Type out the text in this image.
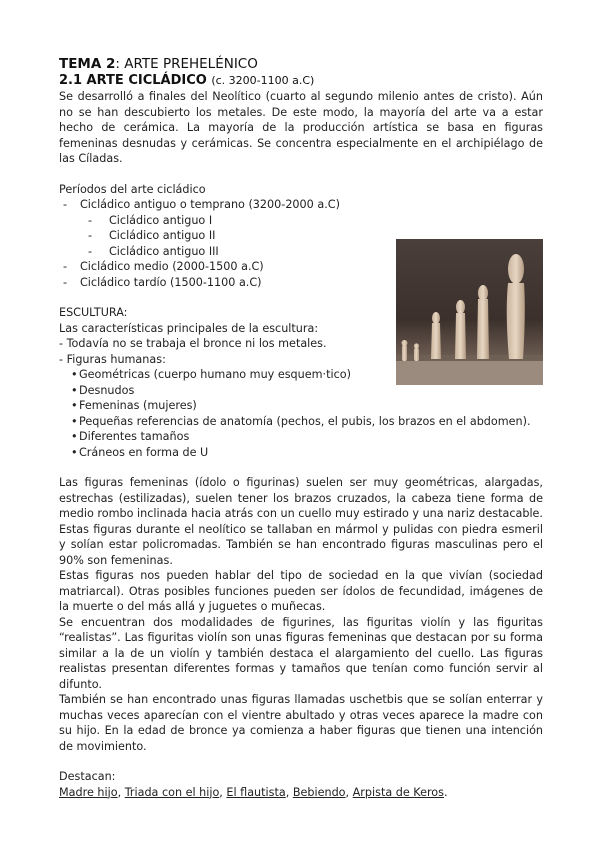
TEMA 2: ARTE PREHELÉNICO
2.1 ARTE CICLÁDICO (c. 3200-1100 a.C)

Se desarrolló a finales del Neolítico (cuarto al segundo milenio antes de cristo). Aún no se han descubierto los metales. De este modo, la mayoría del arte va a estar hecho de cerámica. La mayoría de la producción artística se basa en figuras femeninas desnudas y cerámicas. Se concentra especialmente en el archipiélago de las Cíladas.

Períodos del arte cicládico
- Cicládico antiguo o temprano (3200-2000 a.C)
- Cicládico antiguo I
- Cicládico antiguo II
- Cicládico antiguo III
- Cicládico medio (2000-1500 a.C)
- Cicládico tardío (1500-1100 a.C)
ESCULTURA:
Las características principales de la escultura:
- Todavía no se trabaja el bronce ni los metales.
- Figuras humanas:
•Geométricas (cuerpo humano muy esquem·tico)
•Desnudos
•Femeninas (mujeres)
•Pequeñas referencias de anatomía (pechos, el pubis, los brazos en el abdomen).
•Diferentes tamaños
•Cráneos en forma de U

Las figuras femeninas (ídolo o figurinas) suelen ser muy geométricas, alargadas, estrechas (estilizadas), suelen tener los brazos cruzados, la cabeza tiene forma de medio rombo inclinada hacia atrás con un cuello muy estirado y una nariz destacable. Estas figuras durante el neolítico se tallaban en mármol y pulidas con piedra esmeril y solían estar policromadas. También se han encontrado figuras masculinas pero el 90% son femeninas.

Estas figuras nos pueden hablar del tipo de sociedad en la que vivían (sociedad matriarcal). Otras posibles funciones pueden ser ídolos de fecundidad, imágenes de la muerte o del más allá y juguetes o muñecas.

Se encuentran dos modalidades de figurines, las figuritas violín y las figuritas “realistas”. Las figuritas violín son unas figuras femeninas que destacan por su forma similar a la de un violín y también destaca el alargamiento del cuello. Las figuras realistas presentan diferentes formas y tamaños que tenían como función servir al difunto.

También se han encontrado unas figuras llamadas uschetbis que se solían enterrar y muchas veces aparecían con el vientre abultado y otras veces aparece la madre con su hijo. En la edad de bronce ya comienza a haber figuras que tienen una intención de movimiento.

Destacan:
Madre hijo, Triada con el hijo, El flautista, Bebiendo, Arpista de Keros.
